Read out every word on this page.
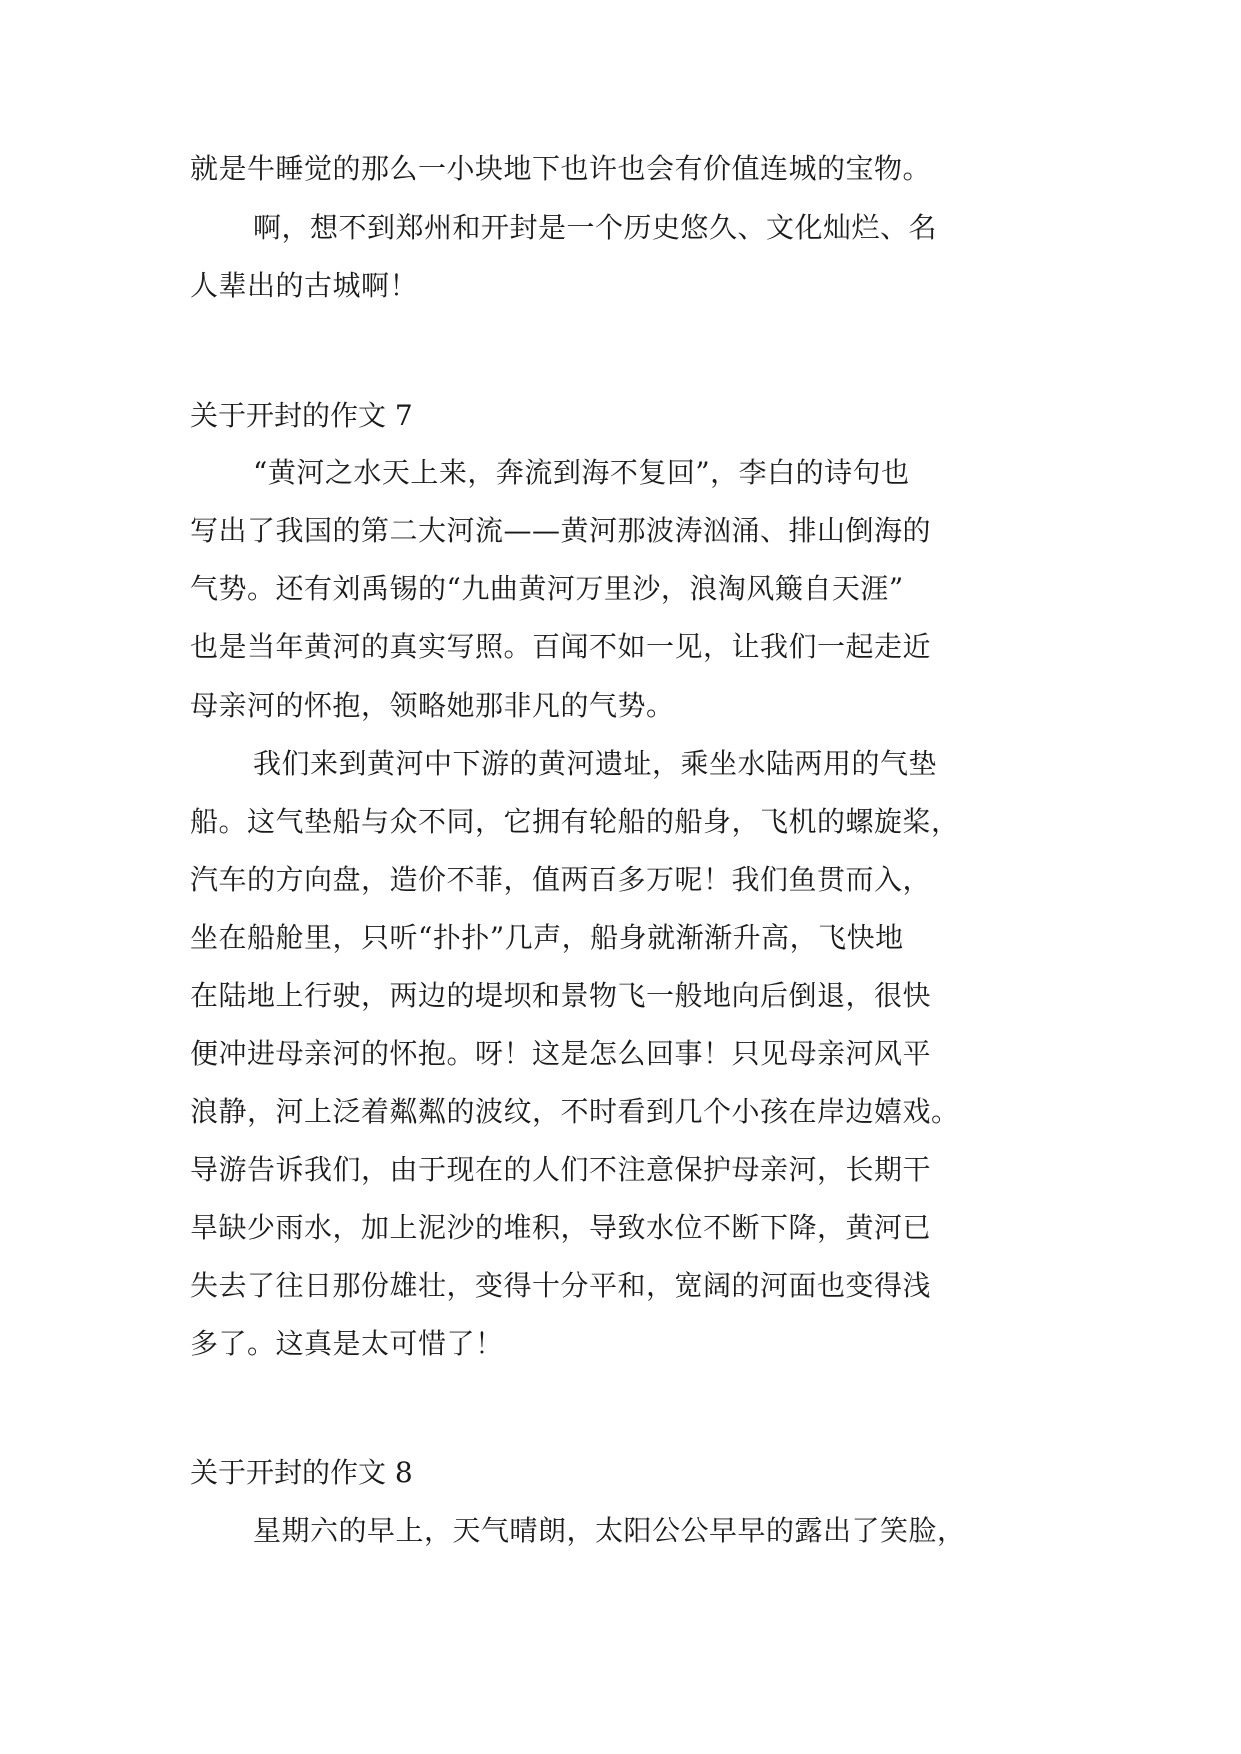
就是牛睡觉的那么一小块地下也许也会有价值连城的宝物。
啊，想不到郑州和开封是一个历史悠久、文化灿烂、名
人辈出的古城啊！
关于开封的作文 7
“黄河之水天上来，奔流到海不复回”，李白的诗句也
写出了我国的第二大河流——黄河那波涛汹涌、排山倒海的
气势。还有刘禹锡的“九曲黄河万里沙，浪淘风簸自天涯”
也是当年黄河的真实写照。百闻不如一见，让我们一起走近
母亲河的怀抱，领略她那非凡的气势。
我们来到黄河中下游的黄河遗址，乘坐水陆两用的气垫
船。这气垫船与众不同，它拥有轮船的船身，飞机的螺旋桨，
汽车的方向盘，造价不菲，值两百多万呢！我们鱼贯而入，
坐在船舱里，只听“扑扑”几声，船身就渐渐升高，飞快地
在陆地上行驶，两边的堤坝和景物飞一般地向后倒退，很快
便冲进母亲河的怀抱。呀！这是怎么回事！只见母亲河风平
浪静，河上泛着粼粼的波纹，不时看到几个小孩在岸边嬉戏。
导游告诉我们，由于现在的人们不注意保护母亲河，长期干
旱缺少雨水，加上泥沙的堆积，导致水位不断下降，黄河已
失去了往日那份雄壮，变得十分平和，宽阔的河面也变得浅
多了。这真是太可惜了！
关于开封的作文 8
星期六的早上，天气晴朗，太阳公公早早的露出了笑脸，
